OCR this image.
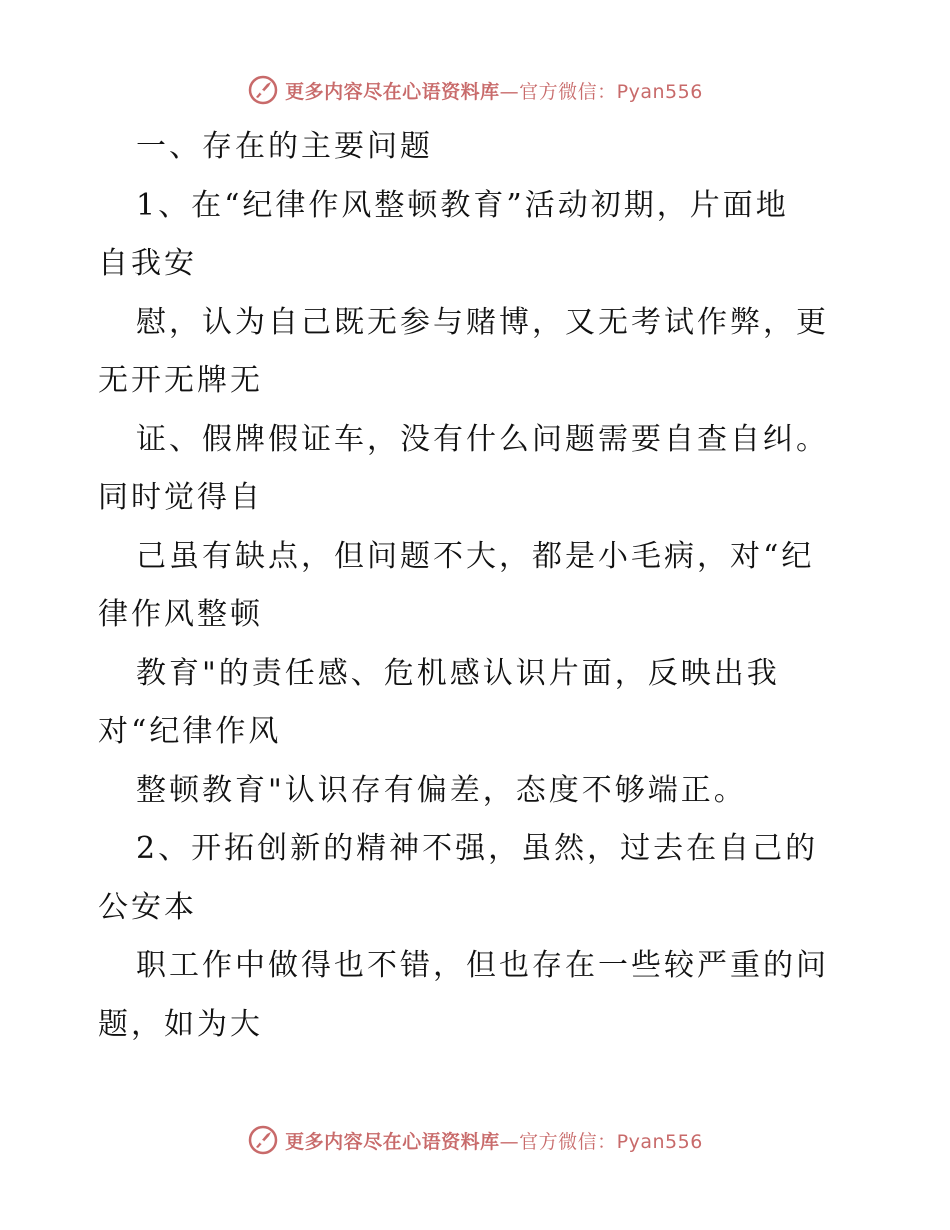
更多内容尽在心语资料库—官方微信：Pyan556
一、存在的主要问题
1、在“纪律作风整顿教育”活动初期，片面地
自我安
慰，认为自己既无参与赌博，又无考试作弊，更
无开无牌无
证、假牌假证车，没有什么问题需要自查自纠。
同时觉得自
己虽有缺点，但问题不大，都是小毛病，对“纪
律作风整顿
教育"的责任感、危机感认识片面，反映出我
对“纪律作风
整顿教育"认识存有偏差，态度不够端正。
2、开拓创新的精神不强，虽然，过去在自己的
公安本
职工作中做得也不错，但也存在一些较严重的问
题，如为大
更多内容尽在心语资料库—官方微信：Pyan556
